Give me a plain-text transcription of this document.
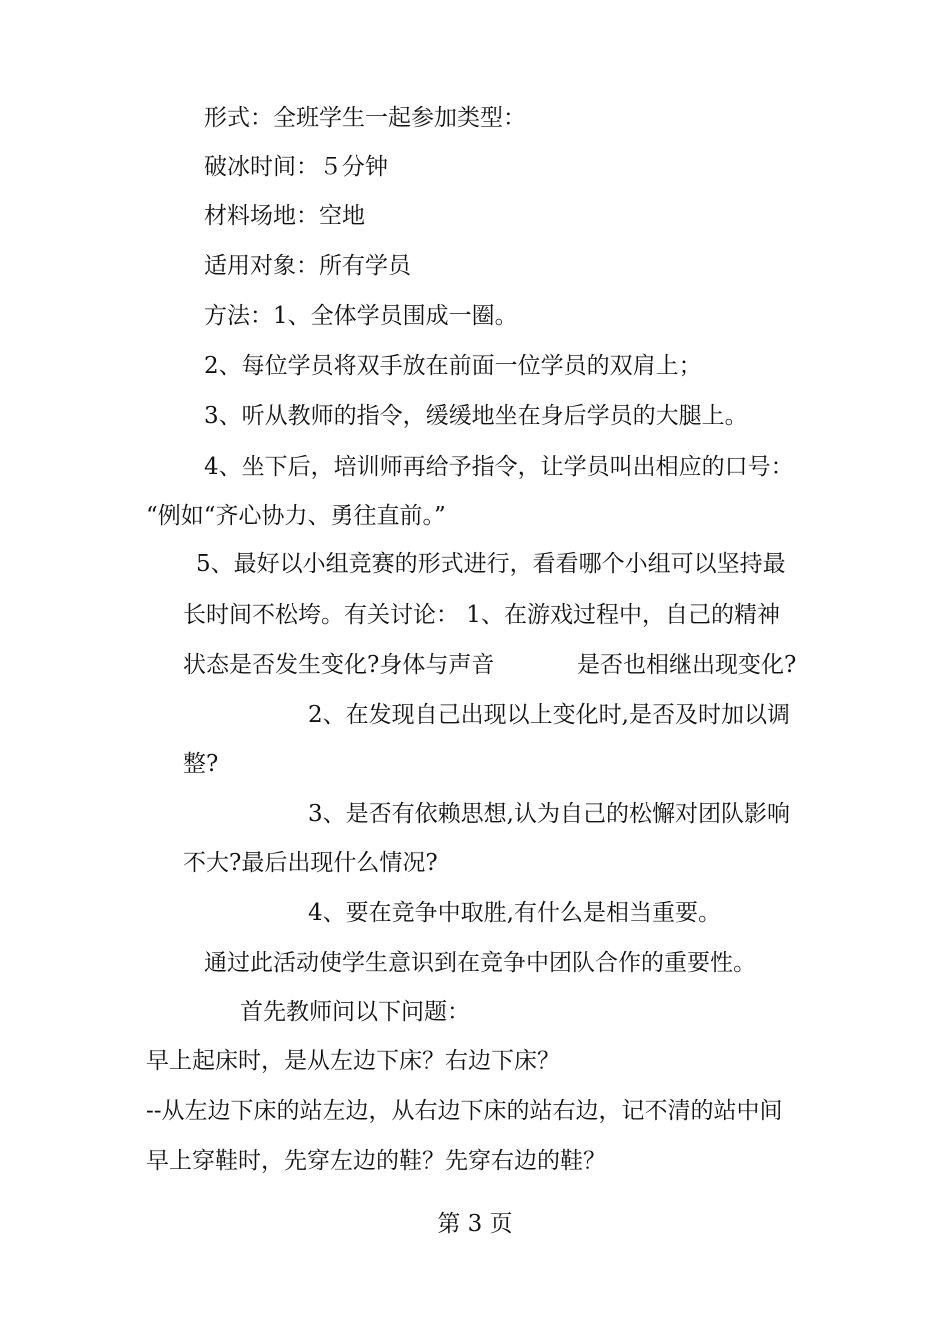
形式：全班学生一起参加类型：
破冰时间：５分钟
材料场地：空地
适用对象：所有学员
方法：1、全体学员围成一圈。
2、每位学员将双手放在前面一位学员的双肩上；
3、听从教师的指令，缓缓地坐在身后学员的大腿上。
4、坐下后，培训师再给予指令，让学员叫出相应的口号：
“例如“齐心协力、勇往直前。”
5、最好以小组竞赛的形式进行，看看哪个小组可以坚持最
长时间不松垮。有关讨论： 1、在游戏过程中，自己的精神
状态是否发生变化?身体与声音	是否也相继出现变化?
2、在发现自己出现以上变化时,是否及时加以调
整?
3、是否有依赖思想,认为自己的松懈对团队影响
不大?最后出现什么情况?
4、要在竞争中取胜,有什么是相当重要。
通过此活动使学生意识到在竞争中团队合作的重要性。
首先教师问以下问题：
早上起床时，是从左边下床？右边下床？
--从左边下床的站左边，从右边下床的站右边，记不清的站中间
早上穿鞋时，先穿左边的鞋？先穿右边的鞋？
第 3 页
